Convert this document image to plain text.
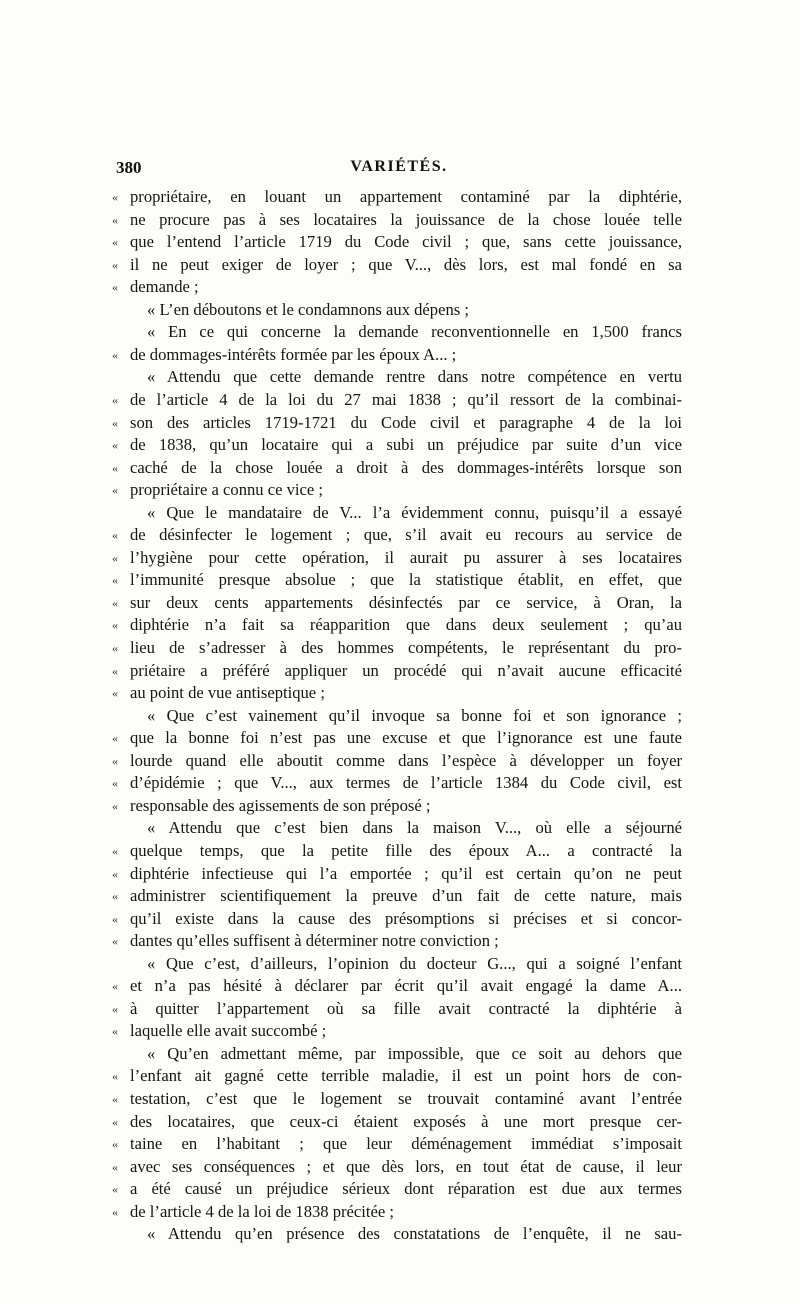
380	VARIÉTÉS.
« propriétaire, en louant un appartement contaminé par la diphtérie,
« ne procure pas à ses locataires la jouissance de la chose louée telle
« que l’entend l’article 1719 du Code civil ; que, sans cette jouissance,
« il ne peut exiger de loyer ; que V..., dès lors, est mal fondé en sa
« demande ;
« L’en déboutons et le condamnons aux dépens ;
« En ce qui concerne la demande reconventionnelle en 1,500 francs
« de dommages-intérêts formée par les époux A... ;
« Attendu que cette demande rentre dans notre compétence en vertu
« de l’article 4 de la loi du 27 mai 1838 ; qu’il ressort de la combinai-
« son des articles 1719-1721 du Code civil et paragraphe 4 de la loi
« de 1838, qu’un locataire qui a subi un préjudice par suite d’un vice
« caché de la chose louée a droit à des dommages-intérêts lorsque son
« propriétaire a connu ce vice ;
« Que le mandataire de V... l’a évidemment connu, puisqu’il a essayé
« de désinfecter le logement ; que, s’il avait eu recours au service de
« l’hygiène pour cette opération, il aurait pu assurer à ses locataires
« l’immunité presque absolue ; que la statistique établit, en effet, que
« sur deux cents appartements désinfectés par ce service, à Oran, la
« diphtérie n’a fait sa réapparition que dans deux seulement ; qu’au
« lieu de s’adresser à des hommes compétents, le représentant du pro-
« priétaire a préféré appliquer un procédé qui n’avait aucune efficacité
« au point de vue antiseptique ;
« Que c’est vainement qu’il invoque sa bonne foi et son ignorance ;
« que la bonne foi n’est pas une excuse et que l’ignorance est une faute
« lourde quand elle aboutit comme dans l’espèce à développer un foyer
« d’épidémie ; que V..., aux termes de l’article 1384 du Code civil, est
« responsable des agissements de son préposé ;
« Attendu que c’est bien dans la maison V..., où elle a séjourné
« quelque temps, que la petite fille des époux A... a contracté la
« diphtérie infectieuse qui l’a emportée ; qu’il est certain qu’on ne peut
« administrer scientifiquement la preuve d’un fait de cette nature, mais
« qu’il existe dans la cause des présomptions si précises et si concor-
« dantes qu’elles suffisent à déterminer notre conviction ;
« Que c’est, d’ailleurs, l’opinion du docteur G..., qui a soigné l’enfant
« et n’a pas hésité à déclarer par écrit qu’il avait engagé la dame A...
« à quitter l’appartement où sa fille avait contracté la diphtérie à
« laquelle elle avait succombé ;
« Qu’en admettant même, par impossible, que ce soit au dehors que
« l’enfant ait gagné cette terrible maladie, il est un point hors de con-
« testation, c’est que le logement se trouvait contaminé avant l’entrée
« des locataires, que ceux-ci étaient exposés à une mort presque cer-
« taine en l’habitant ; que leur déménagement immédiat s’imposait
« avec ses conséquences ; et que dès lors, en tout état de cause, il leur
« a été causé un préjudice sérieux dont réparation est due aux termes
« de l’article 4 de la loi de 1838 précitée ;
« Attendu qu’en présence des constatations de l’enquête, il ne sau-
